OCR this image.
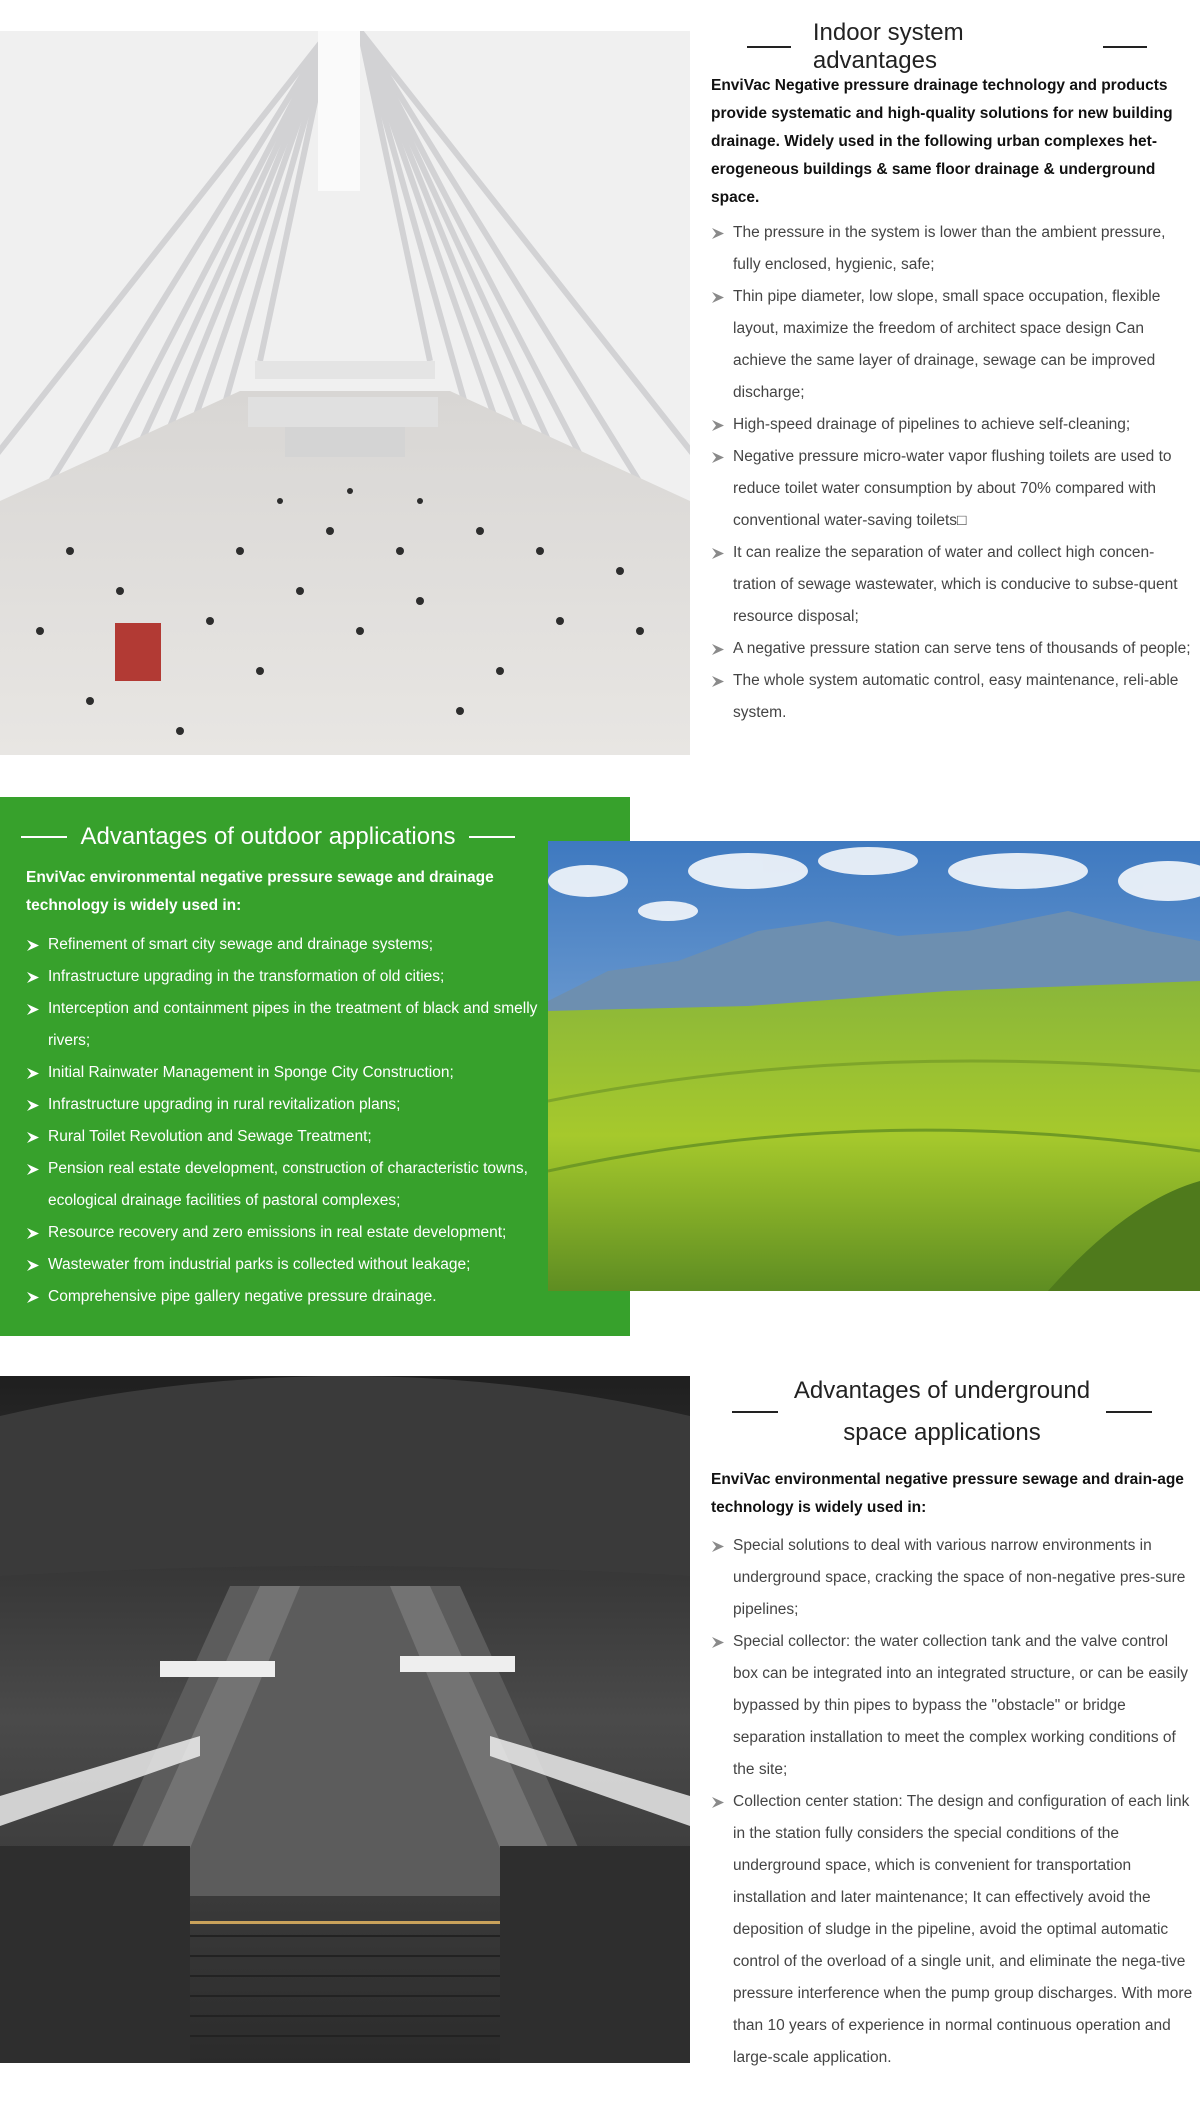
Indoor system advantages

EnviVac Negative pressure drainage technology and products provide systematic and high-quality solutions for new building drainage. Widely used in the following urban complexes het-erogeneous buildings & same floor drainage & underground space.

The pressure in the system is lower than the ambient pressure, fully enclosed, hygienic, safe;
Thin pipe diameter, low slope, small space occupation, flexible layout, maximize the freedom of architect space design Can achieve the same layer of drainage, sewage can be improved discharge;
High-speed drainage of pipelines to achieve self-cleaning;
Negative pressure micro-water vapor flushing toilets are used to reduce toilet water consumption by about 70% compared with conventional water-saving toilets□
It can realize the separation of water and collect high concen-tration of sewage wastewater, which is conducive to subse-quent resource disposal;
A negative pressure station can serve tens of thousands of people;
The whole system automatic control, easy maintenance, reli-able system.
Advantages of outdoor applications

EnviVac environmental negative pressure sewage and drainage technology is widely used in:

Refinement of smart city sewage and drainage systems;
Infrastructure upgrading in the transformation of old cities;
Interception and containment pipes in the treatment of black and smelly rivers;
Initial Rainwater Management in Sponge City Construction;
Infrastructure upgrading in rural revitalization plans;
Rural Toilet Revolution and Sewage Treatment;
Pension real estate development, construction of characteristic towns, ecological drainage facilities of pastoral complexes;
Resource recovery and zero emissions in real estate development;
Wastewater from industrial parks is collected without leakage;
Comprehensive pipe gallery negative pressure drainage.
Advantages of underground
space applications

EnviVac environmental negative pressure sewage and drain-age technology is widely used in:

Special solutions to deal with various narrow environments in underground space, cracking the space of non-negative pres-sure pipelines;
Special collector: the water collection tank and the valve control box can be integrated into an integrated structure, or can be easily bypassed by thin pipes to bypass the "obstacle" or bridge separation installation to meet the complex working conditions of the site;
Collection center station: The design and configuration of each link in the station fully considers the special conditions of the underground space, which is convenient for transportation installation and later maintenance; It can effectively avoid the deposition of sludge in the pipeline, avoid the optimal automatic control of the overload of a single unit, and eliminate the nega-tive pressure interference when the pump group discharges. With more than 10 years of experience in normal continuous operation and large-scale application.
